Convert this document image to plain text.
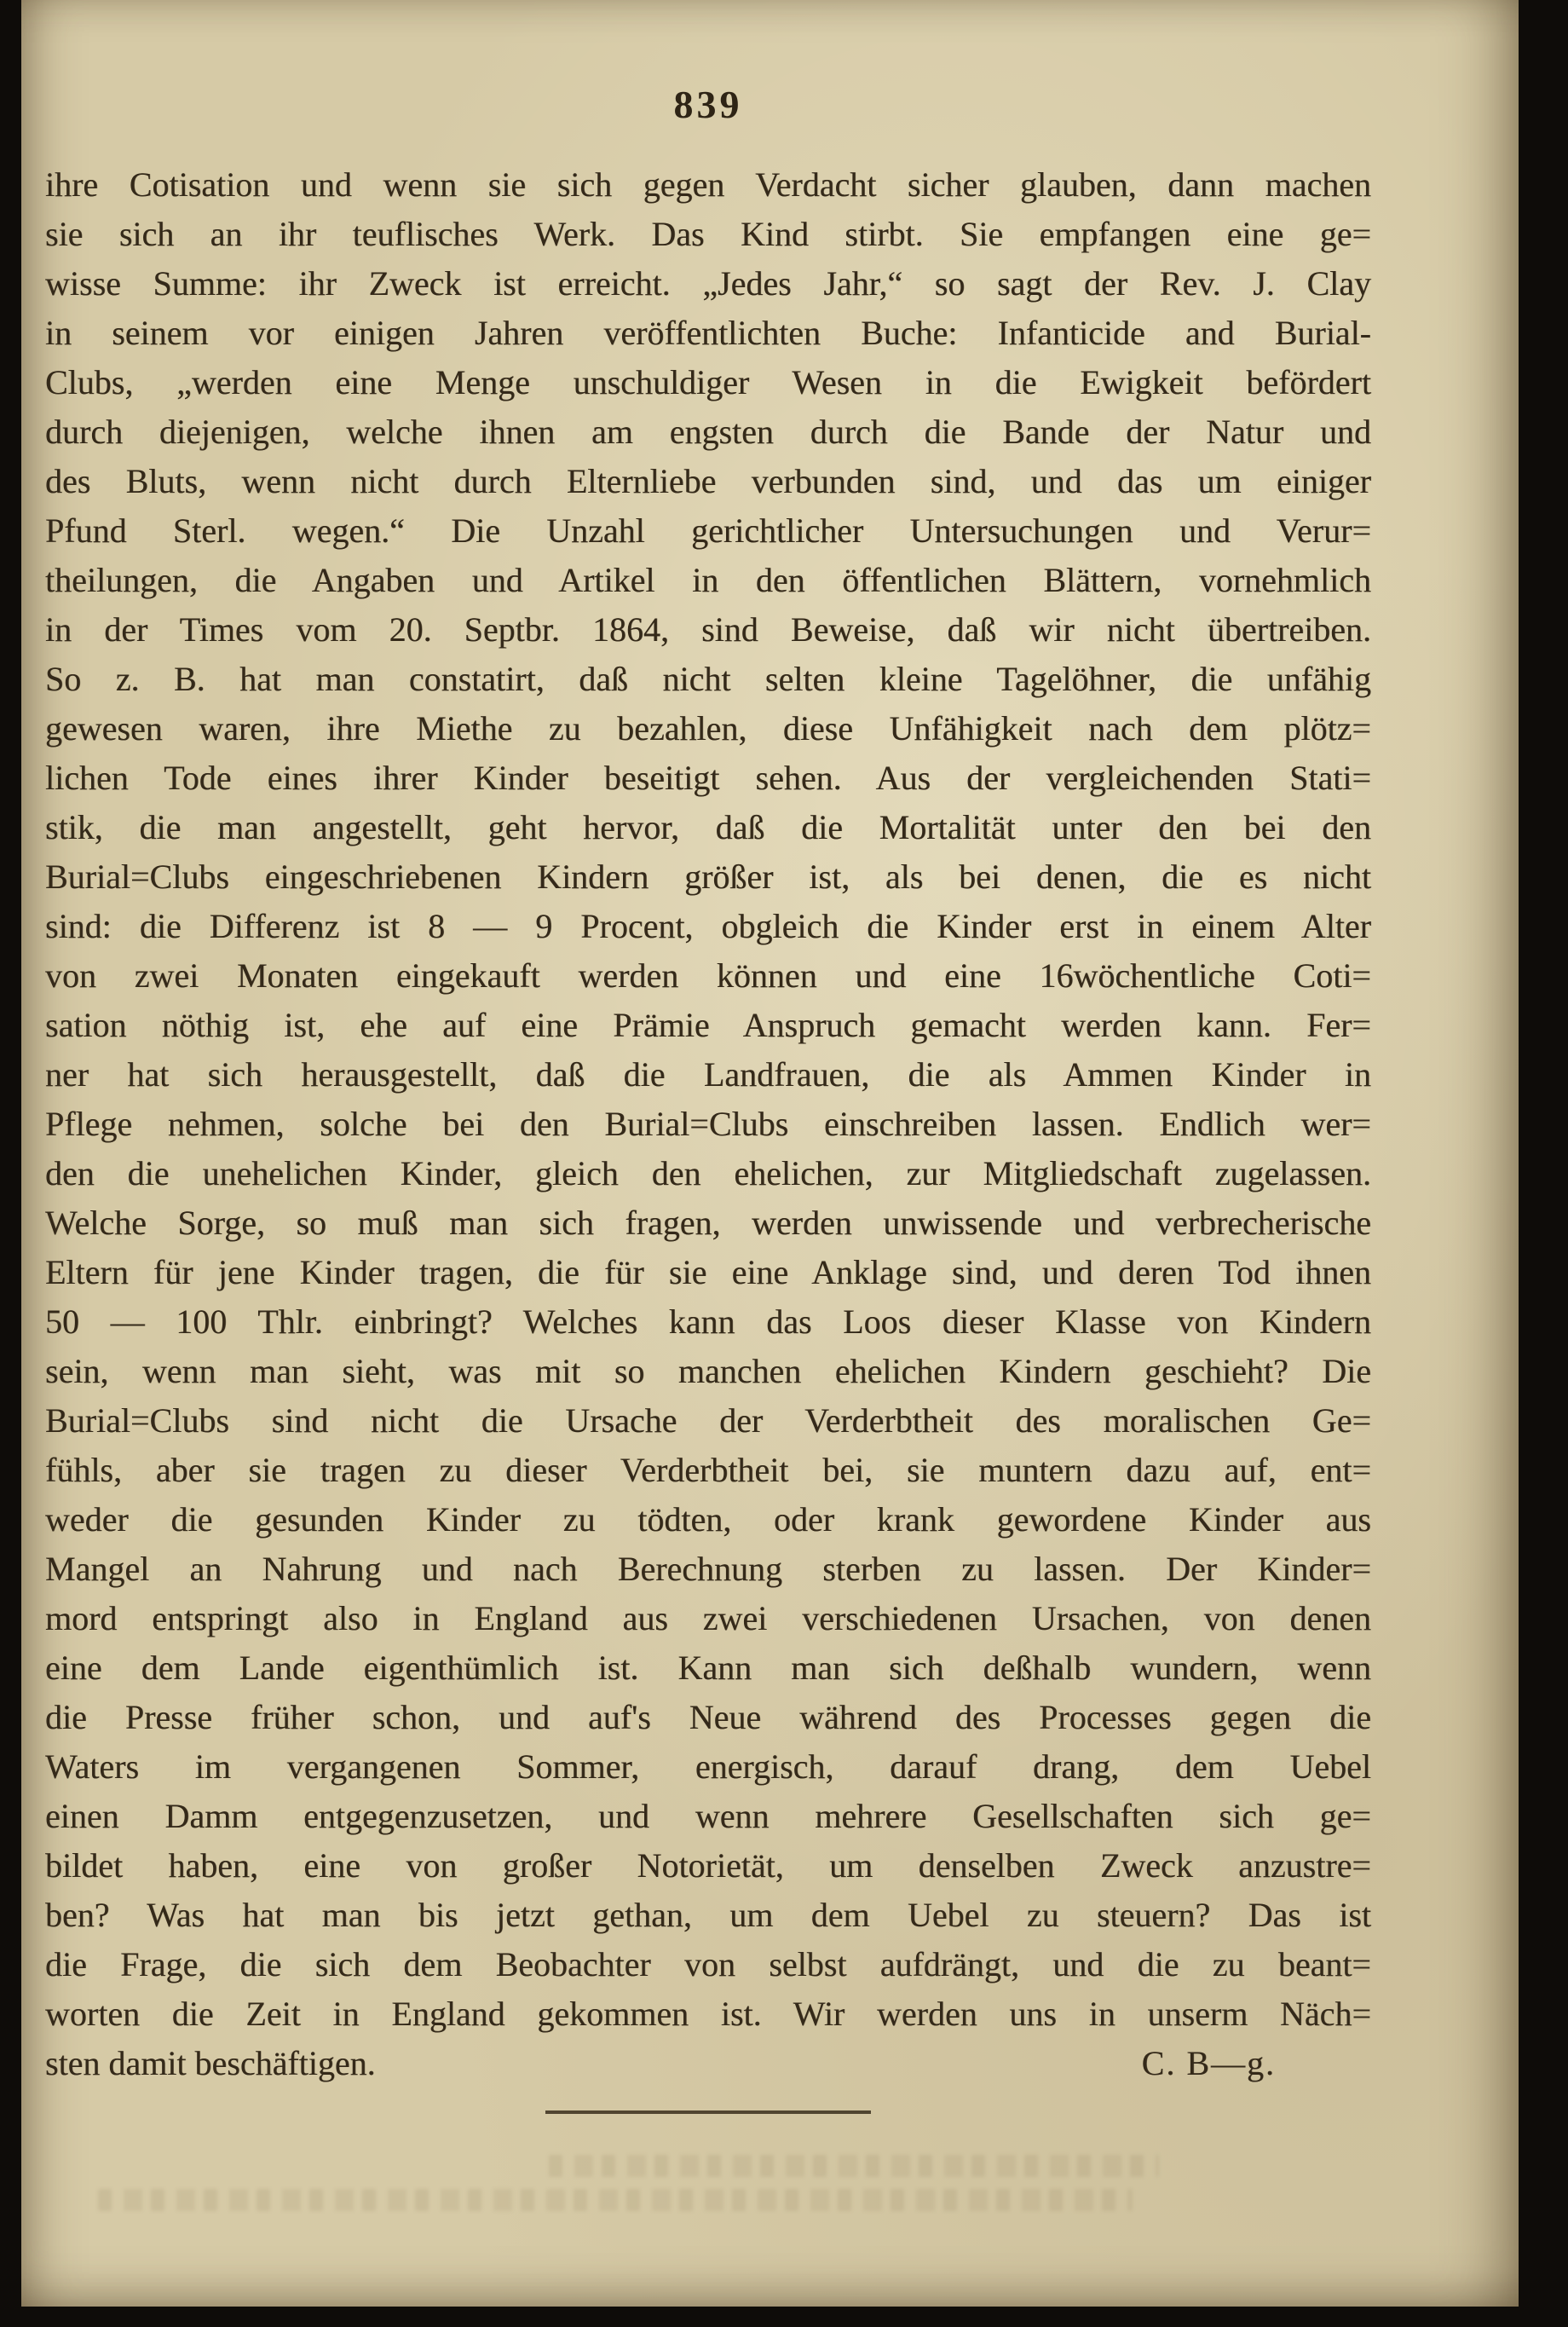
839
ihre Cotisation und wenn sie sich gegen Verdacht sicher glauben, dann machen
sie sich an ihr teuflisches Werk. Das Kind stirbt. Sie empfangen eine ge=
wisse Summe: ihr Zweck ist erreicht. „Jedes Jahr,“ so sagt der Rev. J. Clay
in seinem vor einigen Jahren veröffentlichten Buche: Infanticide and Burial-
Clubs, „werden eine Menge unschuldiger Wesen in die Ewigkeit befördert
durch diejenigen, welche ihnen am engsten durch die Bande der Natur und
des Bluts, wenn nicht durch Elternliebe verbunden sind, und das um einiger
Pfund Sterl. wegen.“ Die Unzahl gerichtlicher Untersuchungen und Verur=
theilungen, die Angaben und Artikel in den öffentlichen Blättern, vornehmlich
in der Times vom 20. Septbr. 1864, sind Beweise, daß wir nicht übertreiben.
So z. B. hat man constatirt, daß nicht selten kleine Tagelöhner, die unfähig
gewesen waren, ihre Miethe zu bezahlen, diese Unfähigkeit nach dem plötz=
lichen Tode eines ihrer Kinder beseitigt sehen. Aus der vergleichenden Stati=
stik, die man angestellt, geht hervor, daß die Mortalität unter den bei den
Burial=Clubs eingeschriebenen Kindern größer ist, als bei denen, die es nicht
sind: die Differenz ist 8 — 9 Procent, obgleich die Kinder erst in einem Alter
von zwei Monaten eingekauft werden können und eine 16wöchentliche Coti=
sation nöthig ist, ehe auf eine Prämie Anspruch gemacht werden kann. Fer=
ner hat sich herausgestellt, daß die Landfrauen, die als Ammen Kinder in
Pflege nehmen, solche bei den Burial=Clubs einschreiben lassen. Endlich wer=
den die unehelichen Kinder, gleich den ehelichen, zur Mitgliedschaft zugelassen.
Welche Sorge, so muß man sich fragen, werden unwissende und verbrecherische
Eltern für jene Kinder tragen, die für sie eine Anklage sind, und deren Tod ihnen
50 — 100 Thlr. einbringt? Welches kann das Loos dieser Klasse von Kindern
sein, wenn man sieht, was mit so manchen ehelichen Kindern geschieht? Die
Burial=Clubs sind nicht die Ursache der Verderbtheit des moralischen Ge=
fühls, aber sie tragen zu dieser Verderbtheit bei, sie muntern dazu auf, ent=
weder die gesunden Kinder zu tödten, oder krank gewordene Kinder aus
Mangel an Nahrung und nach Berechnung sterben zu lassen. Der Kinder=
mord entspringt also in England aus zwei verschiedenen Ursachen, von denen
eine dem Lande eigenthümlich ist. Kann man sich deßhalb wundern, wenn
die Presse früher schon, und auf's Neue während des Processes gegen die
Waters im vergangenen Sommer, energisch, darauf drang, dem Uebel
einen Damm entgegenzusetzen, und wenn mehrere Gesellschaften sich ge=
bildet haben, eine von großer Notorietät, um denselben Zweck anzustre=
ben? Was hat man bis jetzt gethan, um dem Uebel zu steuern? Das ist
die Frage, die sich dem Beobachter von selbst aufdrängt, und die zu beant=
worten die Zeit in England gekommen ist. Wir werden uns in unserm Näch=
sten damit beschäftigen.	C. B—g.
